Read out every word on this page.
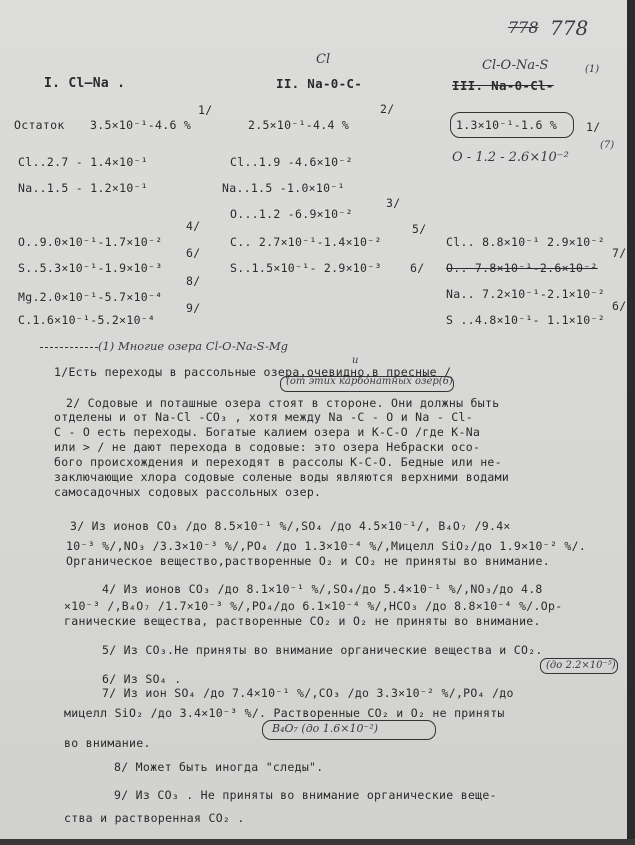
778 778
I. Cl–Na .
Cl
II. Na-0-C-
Cl-O-Na-S	(1)
III. Na-0-Cl-
Остаток 3.5×10⁻¹-4.6 %
1/
2.5×10⁻¹-4.4 %
2/
1.3×10⁻¹-1.6 %	1/
Cl..2.7 - 1.4×10⁻¹
Na..1.5 - 1.2×10⁻¹
O..9.0×10⁻¹-1.7×10⁻²
S..5.3×10⁻¹-1.9×10⁻³
Mg.2.0×10⁻¹-5.7×10⁻⁴
C.1.6×10⁻¹-5.2×10⁻⁴
4/
6/
8/
9/
Cl..1.9 -4.6×10⁻²
Na..1.5 -1.0×10⁻¹
O...1.2 -6.9×10⁻²
C.. 2.7×10⁻¹-1.4×10⁻²
S..1.5×10⁻¹- 2.9×10⁻³
3/
5/
6/
O - 1.2 - 2.6×10⁻²
(7)
Cl.. 8.8×10⁻¹ 2.9×10⁻²
O.. 7.8×10⁻¹-2.6×10⁻²
7/
Na.. 7.2×10⁻¹-2.1×10⁻²
6/
S ..4.8×10⁻¹- 1.1×10⁻²
(1) Многие озера Cl-O-Na-S-Mg
и
1/Есть переходы в рассольные озера,очевидно,в пресные /
(от этих карбонатных озер(6)
2/ Содовые и поташные озера стоят в стороне. Они должны быть
отделены и от Na-Cl -CO₃ , хотя между Na -C - O и Na - Cl-
C - O есть переходы. Богатые калием озера и K-C-O /где K-Na
или > / не дают перехода в содовые: это озера Небраски осо-
бого происхождения и переходят в рассолы K-C-O. Бедные или не-
заключающие хлора содовые соленые воды являются верхними водами
самосадочных содовых рассольных озер.
3/ Из ионов CO₃ /до 8.5×10⁻¹ %/,SO₄ /до 4.5×10⁻¹/, B₄O₇ /9.4×
10⁻³ %/,NO₃ /3.3×10⁻³ %/,PO₄ /до 1.3×10⁻⁴ %/,Мицелл SiO₂/до 1.9×10⁻² %/.
Органическое вещество,растворенные O₂ и CO₂ не приняты во внимание.
4/ Из ионов CO₃ /до 8.1×10⁻¹ %/,SO₄/до 5.4×10⁻¹ %/,NO₃/до 4.8
×10⁻³ /,B₄O₇ /1.7×10⁻³ %/,PO₄/до 6.1×10⁻⁴ %/,HCO₃ /до 8.8×10⁻⁴ %/.Ор-
ганические вещества, растворенные CO₂ и O₂ не приняты во внимание.
5/ Из CO₃.Не приняты во внимание органические вещества и CO₂.
6/ Из SO₄ .
(до 2.2×10⁻⁵)
7/ Из ион SO₄ /до 7.4×10⁻¹ %/,CO₃ /до 3.3×10⁻² %/,PO₄ /до
мицелл SiO₂ /до 3.4×10⁻³ %/. Растворенные CO₂ и O₂ не приняты
B₄O₇ (до 1.6×10⁻²)
во внимание.
8/ Может быть иногда "следы".
9/ Из CO₃ . Не приняты во внимание органические веще-
ства и растворенная CO₂ .
